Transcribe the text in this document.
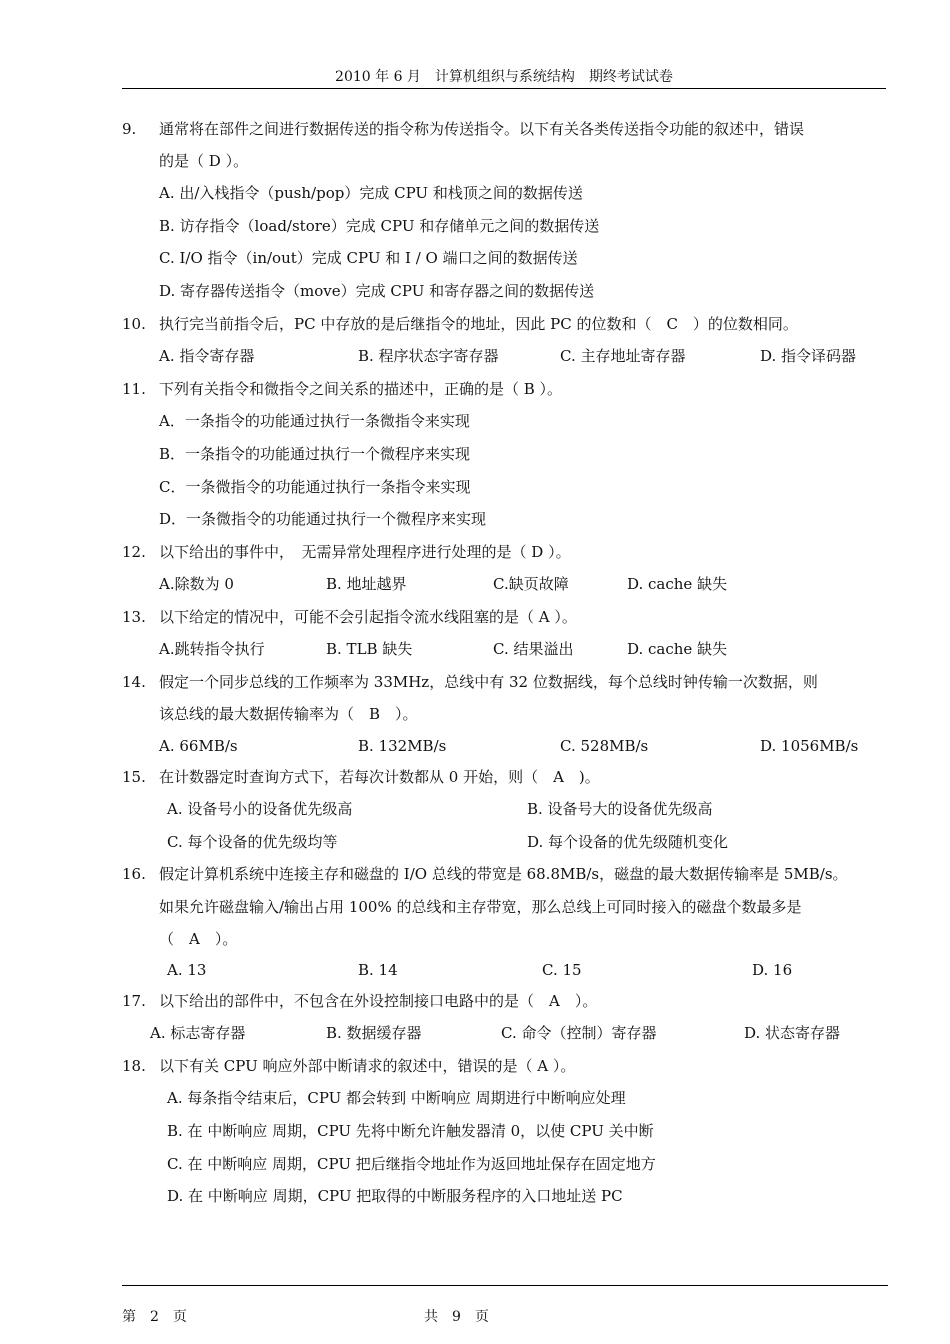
2010 年 6 月　计算机组织与系统结构　期终考试试卷
9. 通常将在部件之间进行数据传送的指令称为传送指令。以下有关各类传送指令功能的叙述中，错误
的是（ D ）。
A. 出/入栈指令（push/pop）完成 CPU 和栈顶之间的数据传送
B. 访存指令（load/store）完成 CPU 和存储单元之间的数据传送
C. I/O 指令（in/out）完成 CPU 和 I / O 端口之间的数据传送
D. 寄存器传送指令（move）完成 CPU 和寄存器之间的数据传送
10. 执行完当前指令后，PC 中存放的是后继指令的地址，因此 PC 的位数和（　C　）的位数相同。
A. 指令寄存器	B. 程序状态字寄存器	C. 主存地址寄存器	D. 指令译码器
11. 下列有关指令和微指令之间关系的描述中，正确的是（ B ）。
A．一条指令的功能通过执行一条微指令来实现
B．一条指令的功能通过执行一个微程序来实现
C．一条微指令的功能通过执行一条指令来实现
D．一条微指令的功能通过执行一个微程序来实现
12. 以下给出的事件中，　无需异常处理程序进行处理的是（ D ）。
A.除数为 0	B. 地址越界	C.缺页故障	D. cache 缺失
13. 以下给定的情况中，可能不会引起指令流水线阻塞的是（ A ）。
A.跳转指令执行	B. TLB 缺失	C. 结果溢出	D. cache 缺失
14. 假定一个同步总线的工作频率为 33MHz，总线中有 32 位数据线，每个总线时钟传输一次数据，则
该总线的最大数据传输率为（　B　）。
A. 66MB/s	B. 132MB/s	C. 528MB/s	D. 1056MB/s
15. 在计数器定时查询方式下，若每次计数都从 0 开始，则（　A　)。
A. 设备号小的设备优先级高	B. 设备号大的设备优先级高
C. 每个设备的优先级均等	D. 每个设备的优先级随机变化
16. 假定计算机系统中连接主存和磁盘的 I/O 总线的带宽是 68.8MB/s，磁盘的最大数据传输率是 5MB/s。
如果允许磁盘输入/输出占用 100% 的总线和主存带宽，那么总线上可同时接入的磁盘个数最多是
（　A　）。
A. 13	B. 14	C. 15	D. 16
17. 以下给出的部件中，不包含在外设控制接口电路中的是（　A　）。
A. 标志寄存器	B. 数据缓存器	C. 命令（控制）寄存器	D. 状态寄存器
18. 以下有关 CPU 响应外部中断请求的叙述中，错误的是（ A ）。
A. 每条指令结束后，CPU 都会转到 中断响应 周期进行中断响应处理
B. 在 中断响应 周期，CPU 先将中断允许触发器清 0，以使 CPU 关中断
C. 在 中断响应 周期，CPU 把后继指令地址作为返回地址保存在固定地方
D. 在 中断响应 周期，CPU 把取得的中断服务程序的入口地址送 PC
第　2　页	共　9　页
